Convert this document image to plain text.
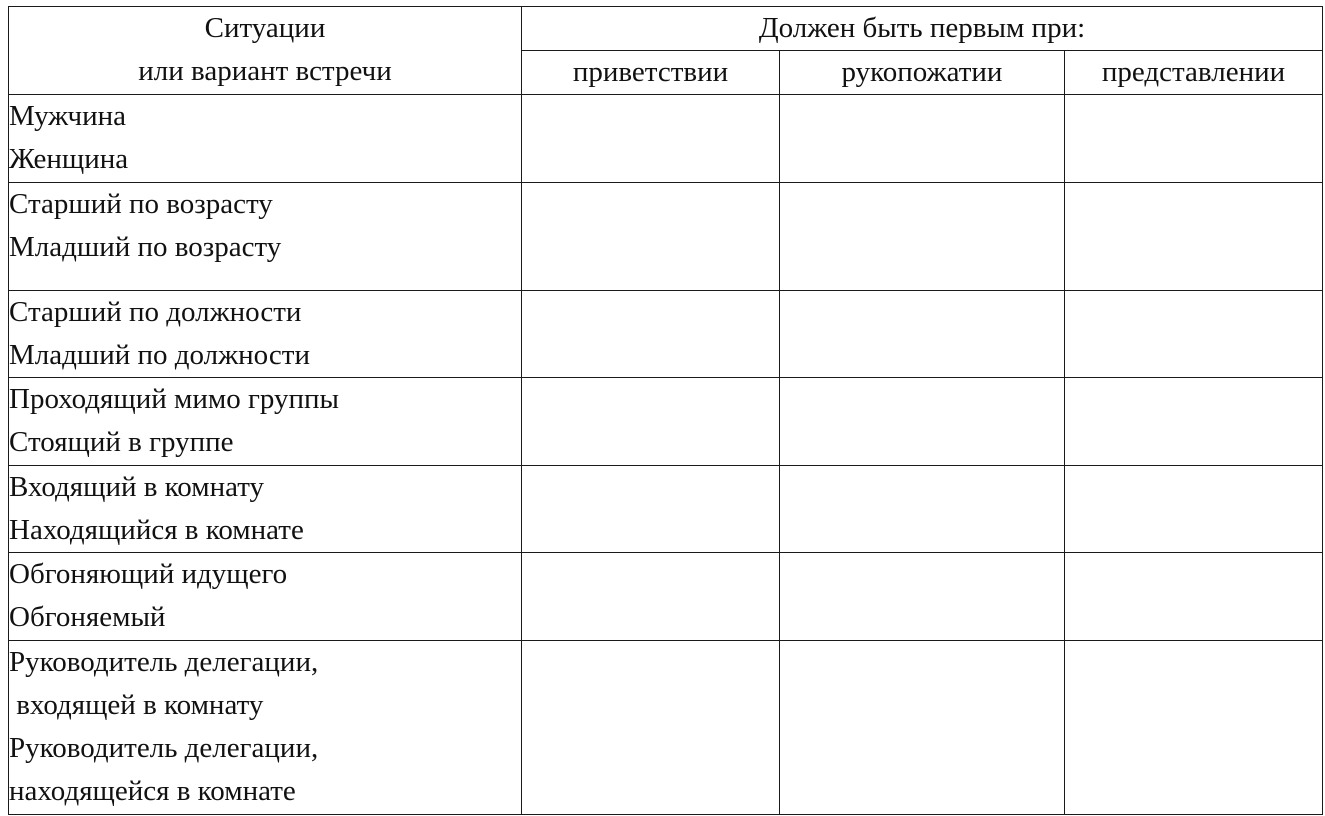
Ситуации
или вариант встречи	Должен быть первым при:		
	приветствии	рукопожатии	представлении

Мужчина
Женщина			

Старший по возрасту
Младший по возрасту			

Старший по должности
Младший по должности			

Проходящий мимо группы
Стоящий в группе			

Входящий в комнату
Находящийся в комнате			

Обгоняющий идущего
Обгоняемый			

Руководитель делегации,
входящей в комнату
Руководитель делегации,
находящейся в комнате			
